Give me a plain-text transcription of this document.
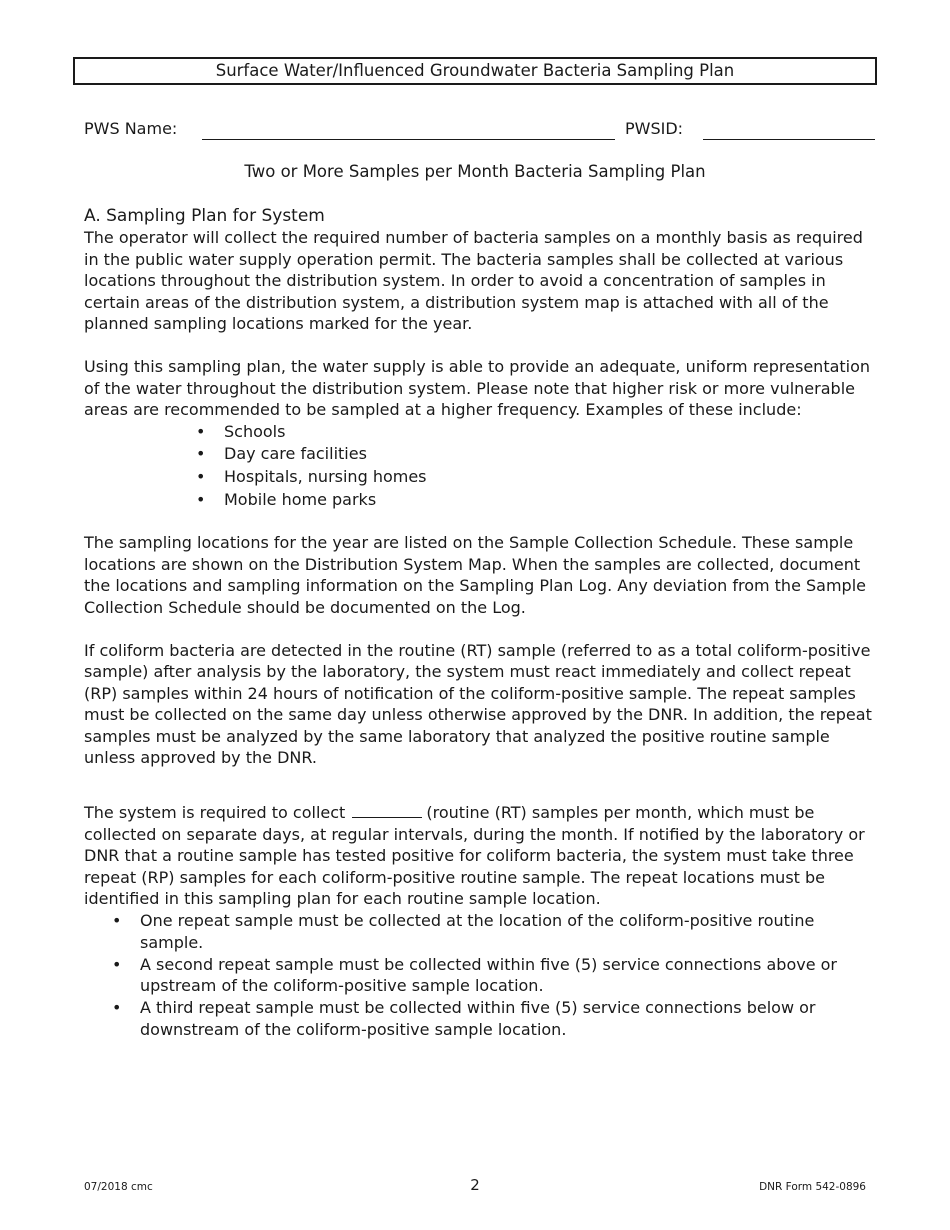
Surface Water/Influenced Groundwater Bacteria Sampling Plan
PWS Name:	PWSID:
Two or More Samples per Month Bacteria Sampling Plan
A. Sampling Plan for System

The operator will collect the required number of bacteria samples on a monthly basis as required in the public water supply operation permit. The bacteria samples shall be collected at various locations throughout the distribution system. In order to avoid a concentration of samples in certain areas of the distribution system, a distribution system map is attached with all of the planned sampling locations marked for the year.

Using this sampling plan, the water supply is able to provide an adequate, uniform representation of the water throughout the distribution system. Please note that higher risk or more vulnerable areas are recommended to be sampled at a higher frequency. Examples of these include:

• Schools
• Day care facilities
• Hospitals, nursing homes
• Mobile home parks

The sampling locations for the year are listed on the Sample Collection Schedule. These sample locations are shown on the Distribution System Map. When the samples are collected, document the locations and sampling information on the Sampling Plan Log. Any deviation from the Sample Collection Schedule should be documented on the Log.

If coliform bacteria are detected in the routine (RT) sample (referred to as a total coliform-positive sample) after analysis by the laboratory, the system must react immediately and collect repeat (RP) samples within 24 hours of notification of the coliform-positive sample. The repeat samples must be collected on the same day unless otherwise approved by the DNR. In addition, the repeat samples must be analyzed by the same laboratory that analyzed the positive routine sample unless approved by the DNR.

The system is required to collect	(routine (RT) samples per month, which must be collected on separate days, at regular intervals, during the month. If notified by the laboratory or DNR that a routine sample has tested positive for coliform bacteria, the system must take three repeat (RP) samples for each coliform-positive routine sample. The repeat locations must be identified in this sampling plan for each routine sample location.

• One repeat sample must be collected at the location of the coliform-positive routine sample.
• A second repeat sample must be collected within five (5) service connections above or upstream of the coliform-positive sample location.
• A third repeat sample must be collected within five (5) service connections below or downstream of the coliform-positive sample location.
07/2018 cmc	2	DNR Form 542-0896
